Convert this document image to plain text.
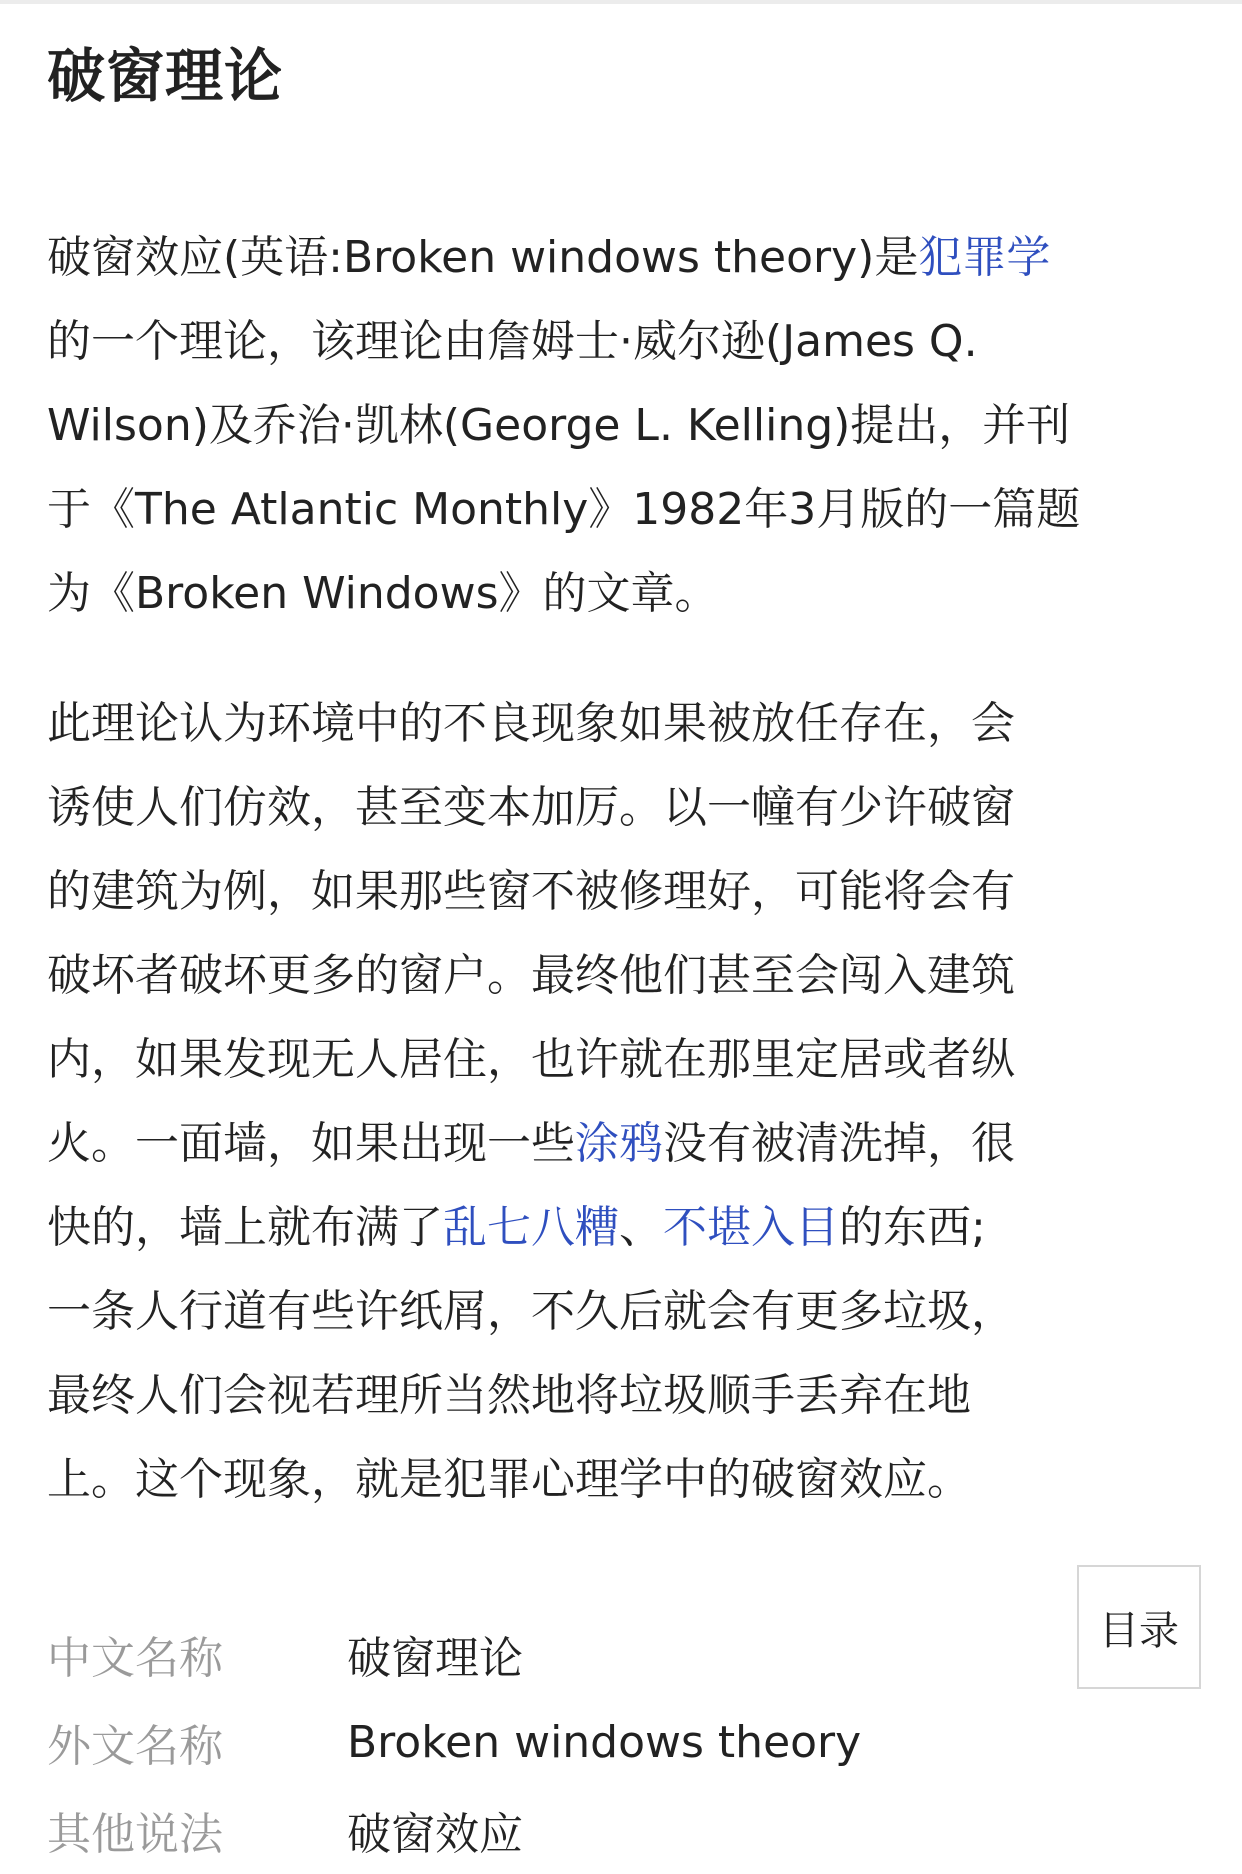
破窗理论

破窗效应(英语:Broken windows theory)是犯罪学
的一个理论，该理论由詹姆士·威尔逊(James Q.
Wilson)及乔治·凯林(George L. Kelling)提出，并刊
于《The Atlantic Monthly》1982年3月版的一篇题
为《Broken Windows》的文章。

此理论认为环境中的不良现象如果被放任存在，会
诱使人们仿效，甚至变本加厉。以一幢有少许破窗
的建筑为例，如果那些窗不被修理好，可能将会有
破坏者破坏更多的窗户。最终他们甚至会闯入建筑
内，如果发现无人居住，也许就在那里定居或者纵
火。一面墙，如果出现一些涂鸦没有被清洗掉，很
快的，墙上就布满了乱七八糟、不堪入目的东西;
一条人行道有些许纸屑，不久后就会有更多垃圾，
最终人们会视若理所当然地将垃圾顺手丢弃在地
上。这个现象，就是犯罪心理学中的破窗效应。

目录
中文名称	破窗理论
外文名称	Broken windows theory
其他说法	破窗效应
